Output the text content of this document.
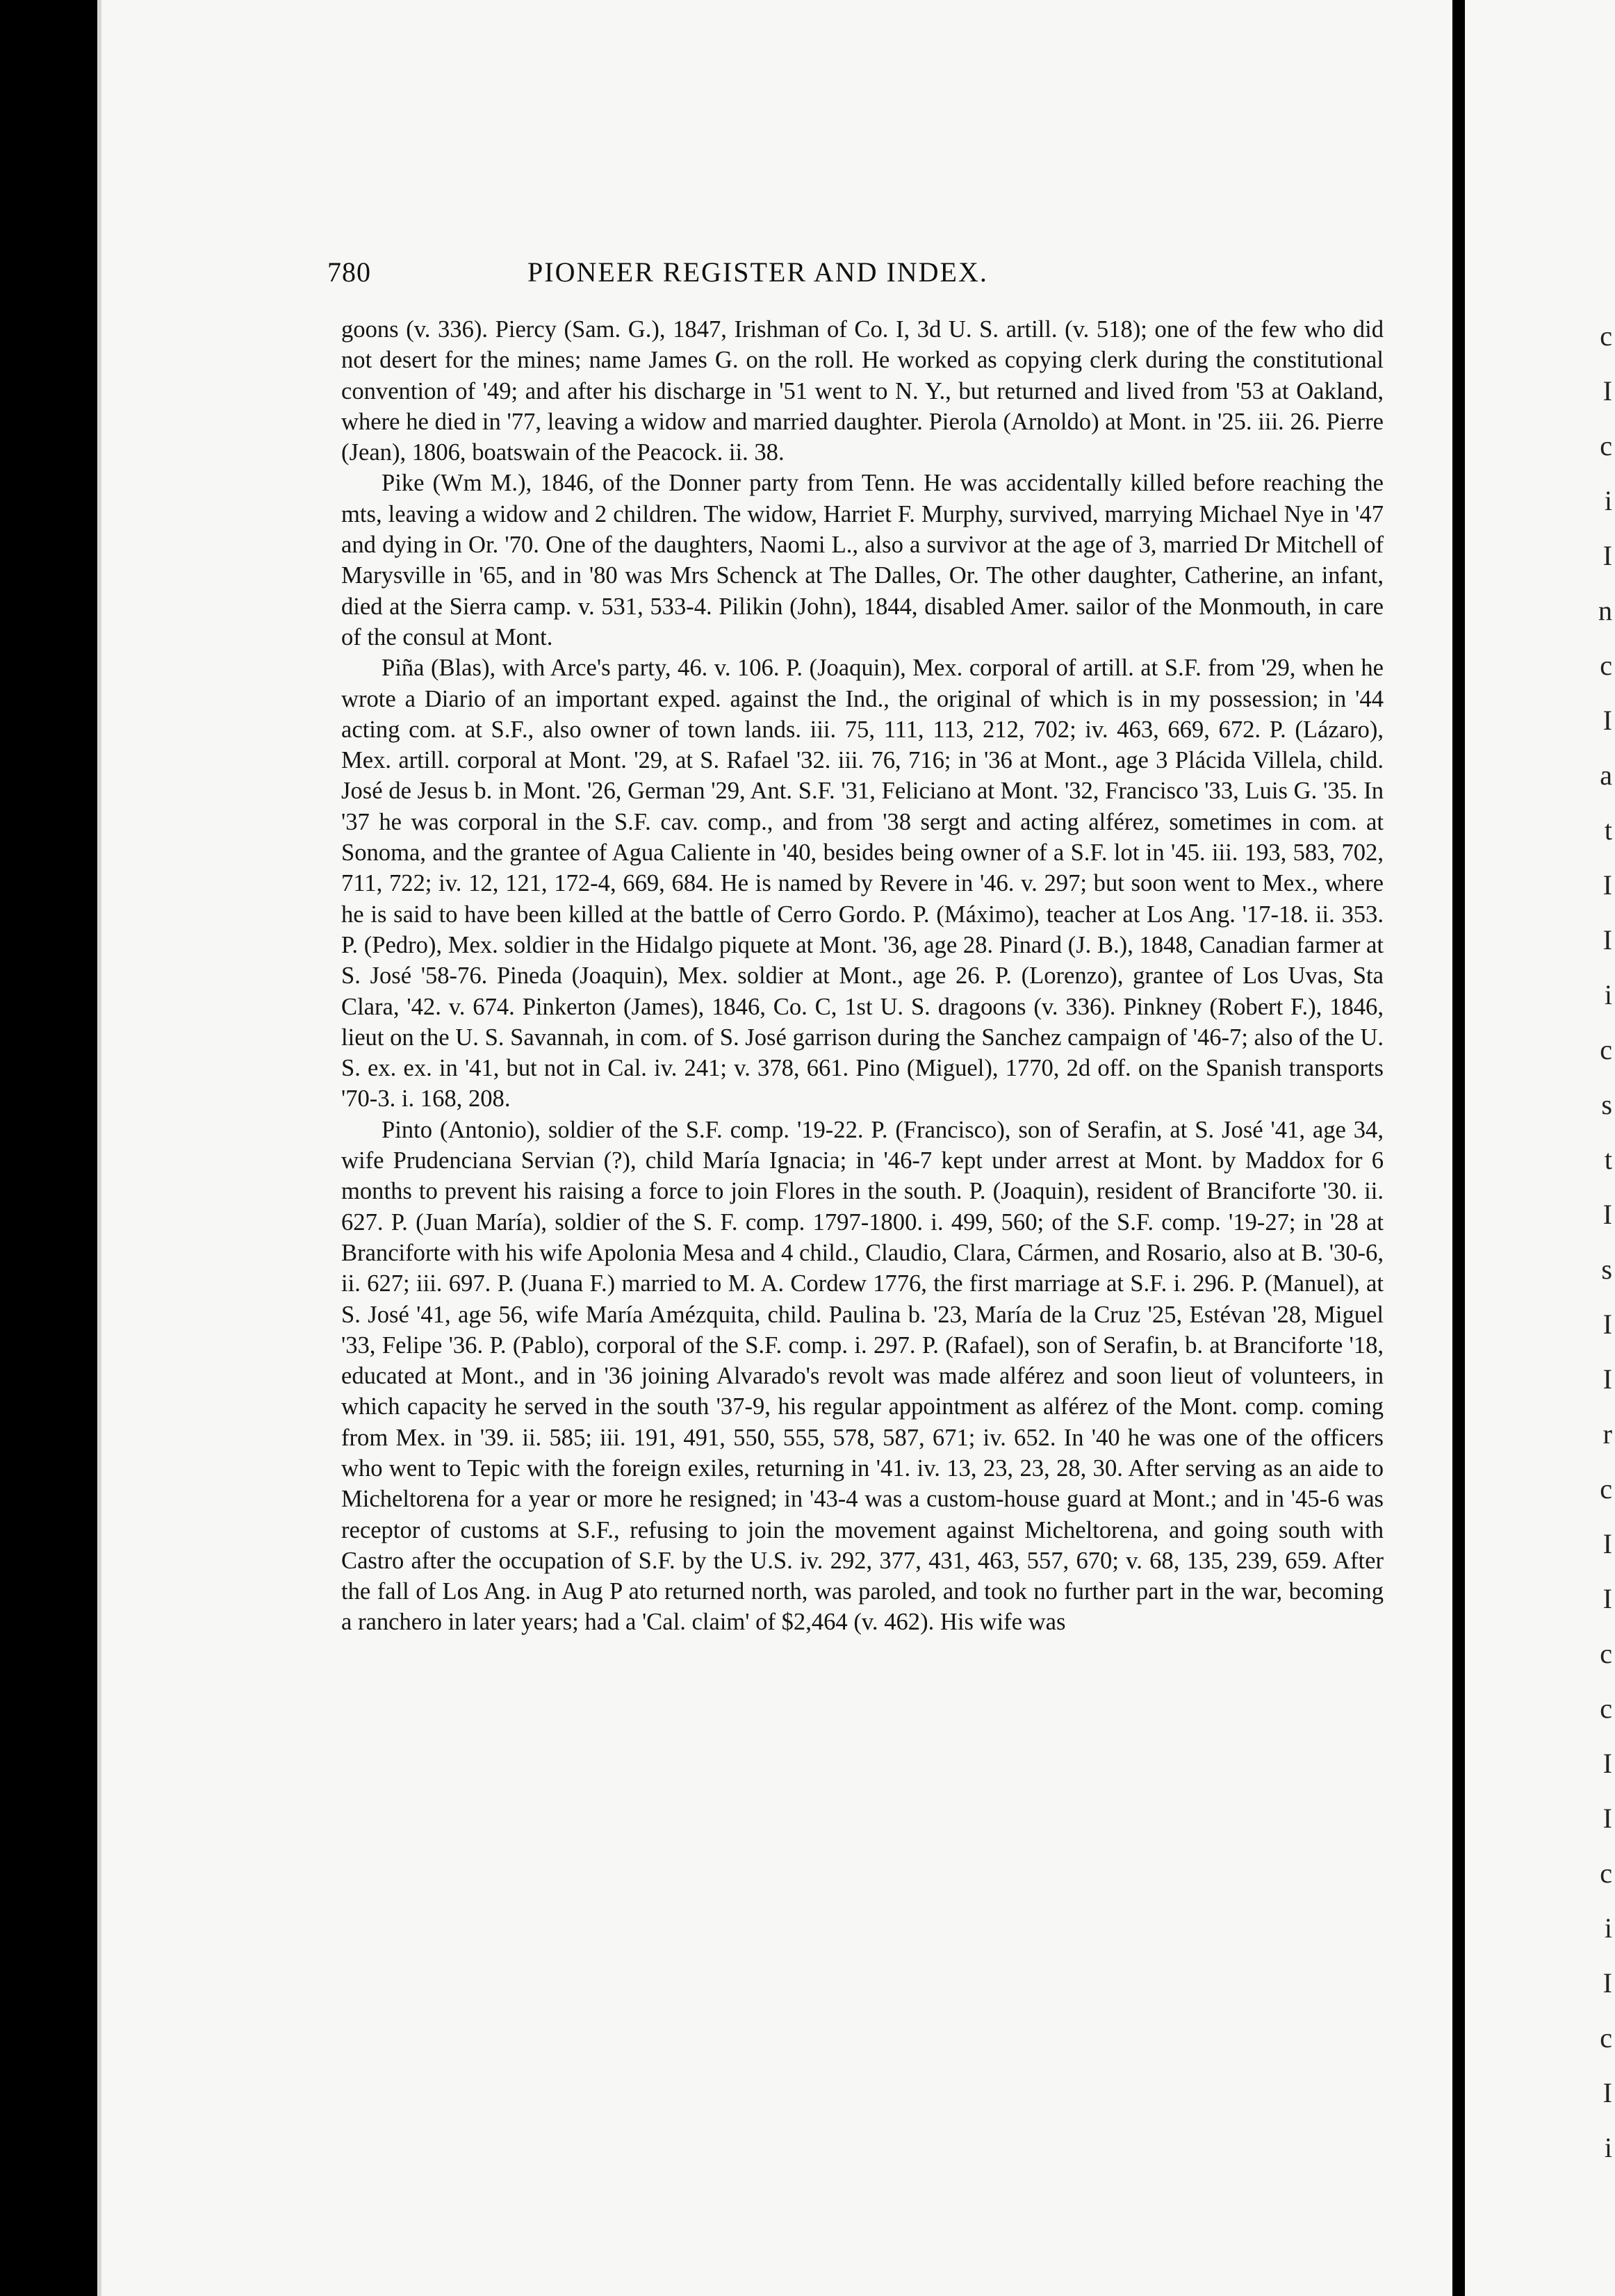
780	PIONEER REGISTER AND INDEX.

goons (v. 336). Piercy (Sam. G.), 1847, Irishman of Co. I, 3d U. S. artill. (v. 518); one of the few who did not desert for the mines; name James G. on the roll. He worked as copying clerk during the constitutional convention of '49; and after his discharge in '51 went to N. Y., but returned and lived from '53 at Oakland, where he died in '77, leaving a widow and married daughter. Pierola (Arnoldo) at Mont. in '25. iii. 26. Pierre (Jean), 1806, boatswain of the Peacock. ii. 38.

Pike (Wm M.), 1846, of the Donner party from Tenn. He was accidentally killed before reaching the mts, leaving a widow and 2 children. The widow, Harriet F. Murphy, survived, marrying Michael Nye in '47 and dying in Or. '70. One of the daughters, Naomi L., also a survivor at the age of 3, married Dr Mitchell of Marysville in '65, and in '80 was Mrs Schenck at The Dalles, Or. The other daughter, Catherine, an infant, died at the Sierra camp. v. 531, 533-4. Pilikin (John), 1844, disabled Amer. sailor of the Monmouth, in care of the consul at Mont.

Piña (Blas), with Arce's party, 46. v. 106. P. (Joaquin), Mex. corporal of artill. at S.F. from '29, when he wrote a Diario of an important exped. against the Ind., the original of which is in my possession; in '44 acting com. at S.F., also owner of town lands. iii. 75, 111, 113, 212, 702; iv. 463, 669, 672. P. (Lázaro), Mex. artill. corporal at Mont. '29, at S. Rafael '32. iii. 76, 716; in '36 at Mont., age 3 Plácida Villela, child. José de Jesus b. in Mont. '26, German '29, Ant. S.F. '31, Feliciano at Mont. '32, Francisco '33, Luis G. '35. In '37 he was corporal in the S.F. cav. comp., and from '38 sergt and acting alférez, sometimes in com. at Sonoma, and the grantee of Agua Caliente in '40, besides being owner of a S.F. lot in '45. iii. 193, 583, 702, 711, 722; iv. 12, 121, 172-4, 669, 684. He is named by Revere in '46. v. 297; but soon went to Mex., where he is said to have been killed at the battle of Cerro Gordo. P. (Máximo), teacher at Los Ang. '17-18. ii. 353. P. (Pedro), Mex. soldier in the Hidalgo piquete at Mont. '36, age 28. Pinard (J. B.), 1848, Canadian farmer at S. José '58-76. Pineda (Joaquin), Mex. soldier at Mont., age 26. P. (Lorenzo), grantee of Los Uvas, Sta Clara, '42. v. 674. Pinkerton (James), 1846, Co. C, 1st U. S. dragoons (v. 336). Pinkney (Robert F.), 1846, lieut on the U. S. Savannah, in com. of S. José garrison during the Sanchez campaign of '46-7; also of the U. S. ex. ex. in '41, but not in Cal. iv. 241; v. 378, 661. Pino (Miguel), 1770, 2d off. on the Spanish transports '70-3. i. 168, 208.

Pinto (Antonio), soldier of the S.F. comp. '19-22. P. (Francisco), son of Serafin, at S. José '41, age 34, wife Prudenciana Servian (?), child María Ignacia; in '46-7 kept under arrest at Mont. by Maddox for 6 months to prevent his raising a force to join Flores in the south. P. (Joaquin), resident of Branciforte '30. ii. 627. P. (Juan María), soldier of the S. F. comp. 1797-1800. i. 499, 560; of the S.F. comp. '19-27; in '28 at Branciforte with his wife Apolonia Mesa and 4 child., Claudio, Clara, Cármen, and Rosario, also at B. '30-6, ii. 627; iii. 697. P. (Juana F.) married to M. A. Cordew 1776, the first marriage at S.F. i. 296. P. (Manuel), at S. José '41, age 56, wife María Amézquita, child. Paulina b. '23, María de la Cruz '25, Estévan '28, Miguel '33, Felipe '36. P. (Pablo), corporal of the S.F. comp. i. 297. P. (Rafael), son of Serafin, b. at Branciforte '18, educated at Mont., and in '36 joining Alvarado's revolt was made alférez and soon lieut of volunteers, in which capacity he served in the south '37-9, his regular appointment as alférez of the Mont. comp. coming from Mex. in '39. ii. 585; iii. 191, 491, 550, 555, 578, 587, 671; iv. 652. In '40 he was one of the officers who went to Tepic with the foreign exiles, returning in '41. iv. 13, 23, 23, 28, 30. After serving as an aide to Micheltorena for a year or more he resigned; in '43-4 was a custom-house guard at Mont.; and in '45-6 was receptor of customs at S.F., refusing to join the movement against Micheltorena, and going south with Castro after the occupation of S.F. by the U.S. iv. 292, 377, 431, 463, 557, 670; v. 68, 135, 239, 659. After the fall of Los Ang. in Aug P ato returned north, was paroled, and took no further part in the war, becoming a ranchero in later years; had a 'Cal. claim' of $2,464 (v. 462). His wife was

c
I
c
i
I
n
c
I
a
t
I
I
i
c
s
t
I
s
I
I
r
c
I
I
c
c
I
I
c
i
I
c
I
i
